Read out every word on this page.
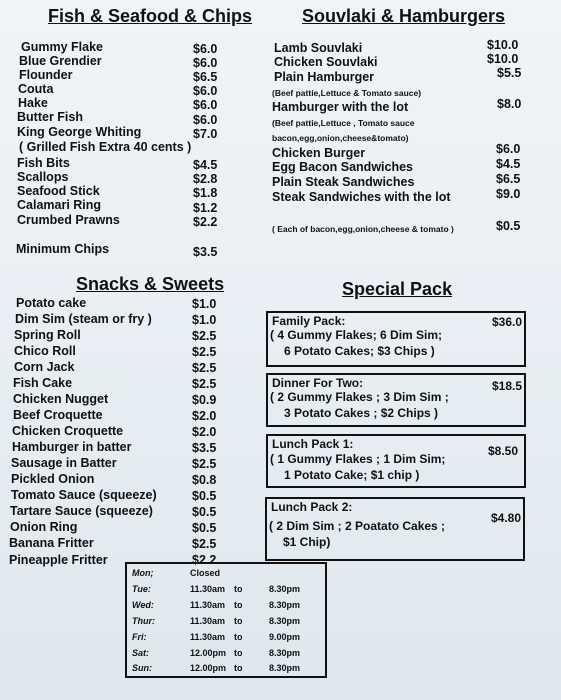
Fish & Seafood & Chips
Gummy Flake	$6.0
Blue Grendier	$6.0
Flounder	$6.5
Couta	$6.0
Hake	$6.0
Butter Fish	$6.0
King George Whiting	$7.0
( Grilled Fish Extra 40 cents )
Fish Bits	$4.5
Scallops	$2.8
Seafood Stick	$1.8
Calamari Ring	$1.2
Crumbed Prawns	$2.2
Minimum Chips	$3.5
Souvlaki & Hamburgers
Lamb Souvlaki	$10.0
Chicken Souvlaki	$10.0
Plain Hamburger	$5.5
(Beef pattie,Lettuce & Tomato sauce)
Hamburger with the lot	$8.0
(Beef pattie,Lettuce , Tomato sauce
bacon,egg,onion,cheese&tomato)
Chicken Burger	$6.0
Egg Bacon Sandwiches	$4.5
Plain Steak Sandwiches	$6.5
Steak Sandwiches with the lot	$9.0
( Each of bacon,egg,onion,cheese & tomato )	$0.5
Snacks & Sweets
Potato cake	$1.0
Dim Sim (steam or fry )	$1.0
Spring Roll	$2.5
Chico Roll	$2.5
Corn Jack	$2.5
Fish Cake	$2.5
Chicken Nugget	$0.9
Beef Croquette	$2.0
Chicken Croquette	$2.0
Hamburger in batter	$3.5
Sausage in Batter	$2.5
Pickled Onion	$0.8
Tomato Sauce (squeeze)	$0.5
Tartare Sauce (squeeze)	$0.5
Onion Ring	$0.5
Banana Fritter	$2.5
Pineapple Fritter	$2.2
Special Pack
Family Pack:	$36.0
( 4 Gummy Flakes; 6 Dim Sim;
6 Potato Cakes; $3 Chips )
Dinner For Two:	$18.5
( 2 Gummy Flakes ; 3 Dim Sim ;
3 Potato Cakes ; $2 Chips )
Lunch Pack 1:	$8.50
( 1 Gummy Flakes ; 1 Dim Sim;
1 Potato Cake; $1 chip )
Lunch Pack 2:
$4.80
( 2 Dim Sim ; 2 Poatato Cakes ;
$1 Chip)
Mon;	Closed
Tue:	11.30am to	8.30pm
Wed:	11.30am to	8.30pm
Thur:	11.30am to	8.30pm
Fri:	11.30am to	9.00pm
Sat:	12.00pm to	8.30pm
Sun:	12.00pm to	8.30pm
